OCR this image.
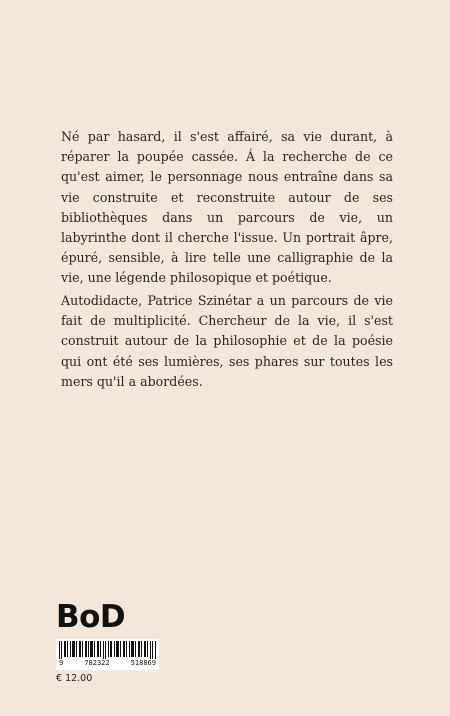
Né par hasard, il s'est affairé, sa vie durant, à réparer la poupée cassée. Á la recherche de ce qu'est aimer, le personnage nous entraîne dans sa vie construite et reconstruite autour de ses bibliothèques dans un parcours de vie, un labyrinthe dont il cherche l'issue. Un portrait âpre, épuré, sensible, à lire telle une calligraphie de la vie, une légende philosopique et poétique.

Autodidacte, Patrice Szinétar a un parcours de vie fait de multiplicité. Chercheur de la vie, il s'est construit autour de la philosophie et de la poésie qui ont été ses lumières, ses phares sur toutes les mers qu'il a abordées.

BoD
9	782322	518869
€ 12.00
